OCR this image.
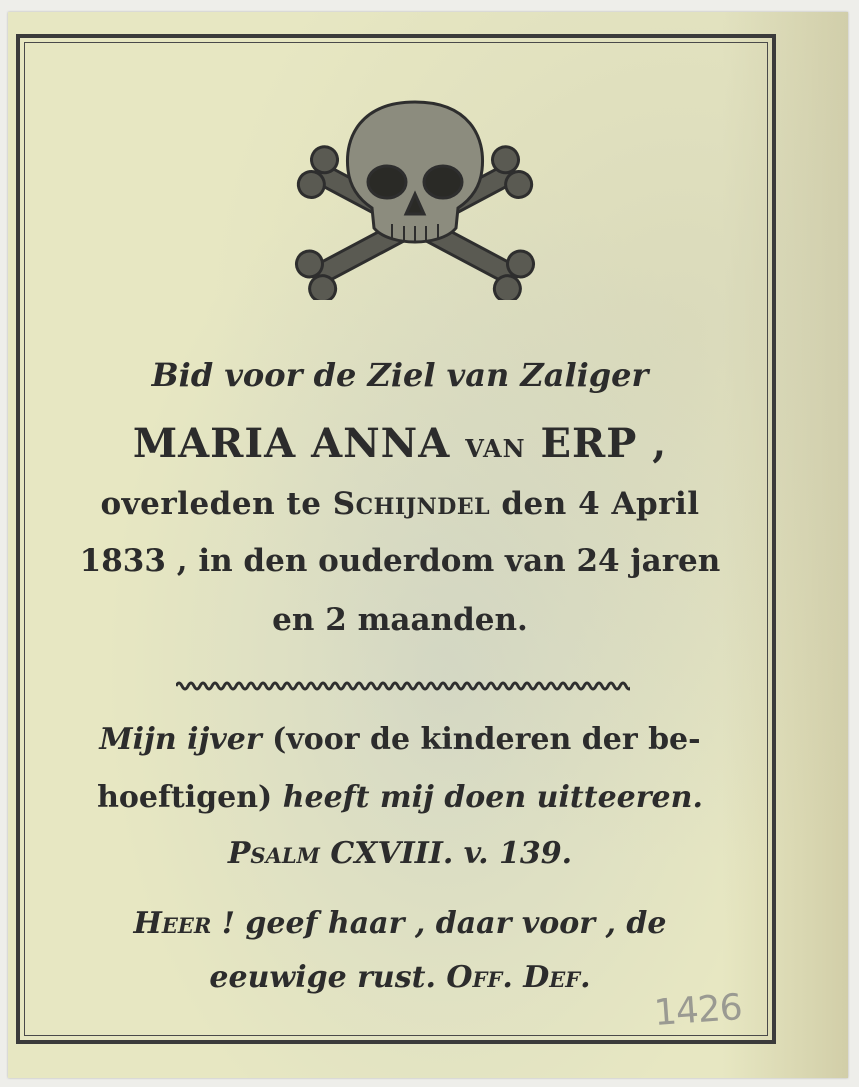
Bid voor de Ziel van Zaliger
MARIA ANNA VAN ERP ,
overleden te Schijndel den 4 April
1833 , in den ouderdom van 24 jaren
en 2 maanden.
Mijn ijver (voor de kinderen der be-
hoeftigen) heeft mij doen uitteeren.
Psalm CXVIII. v. 139.
Heer ! geef haar , daar voor , de
eeuwige rust. Off. Def.
1426
